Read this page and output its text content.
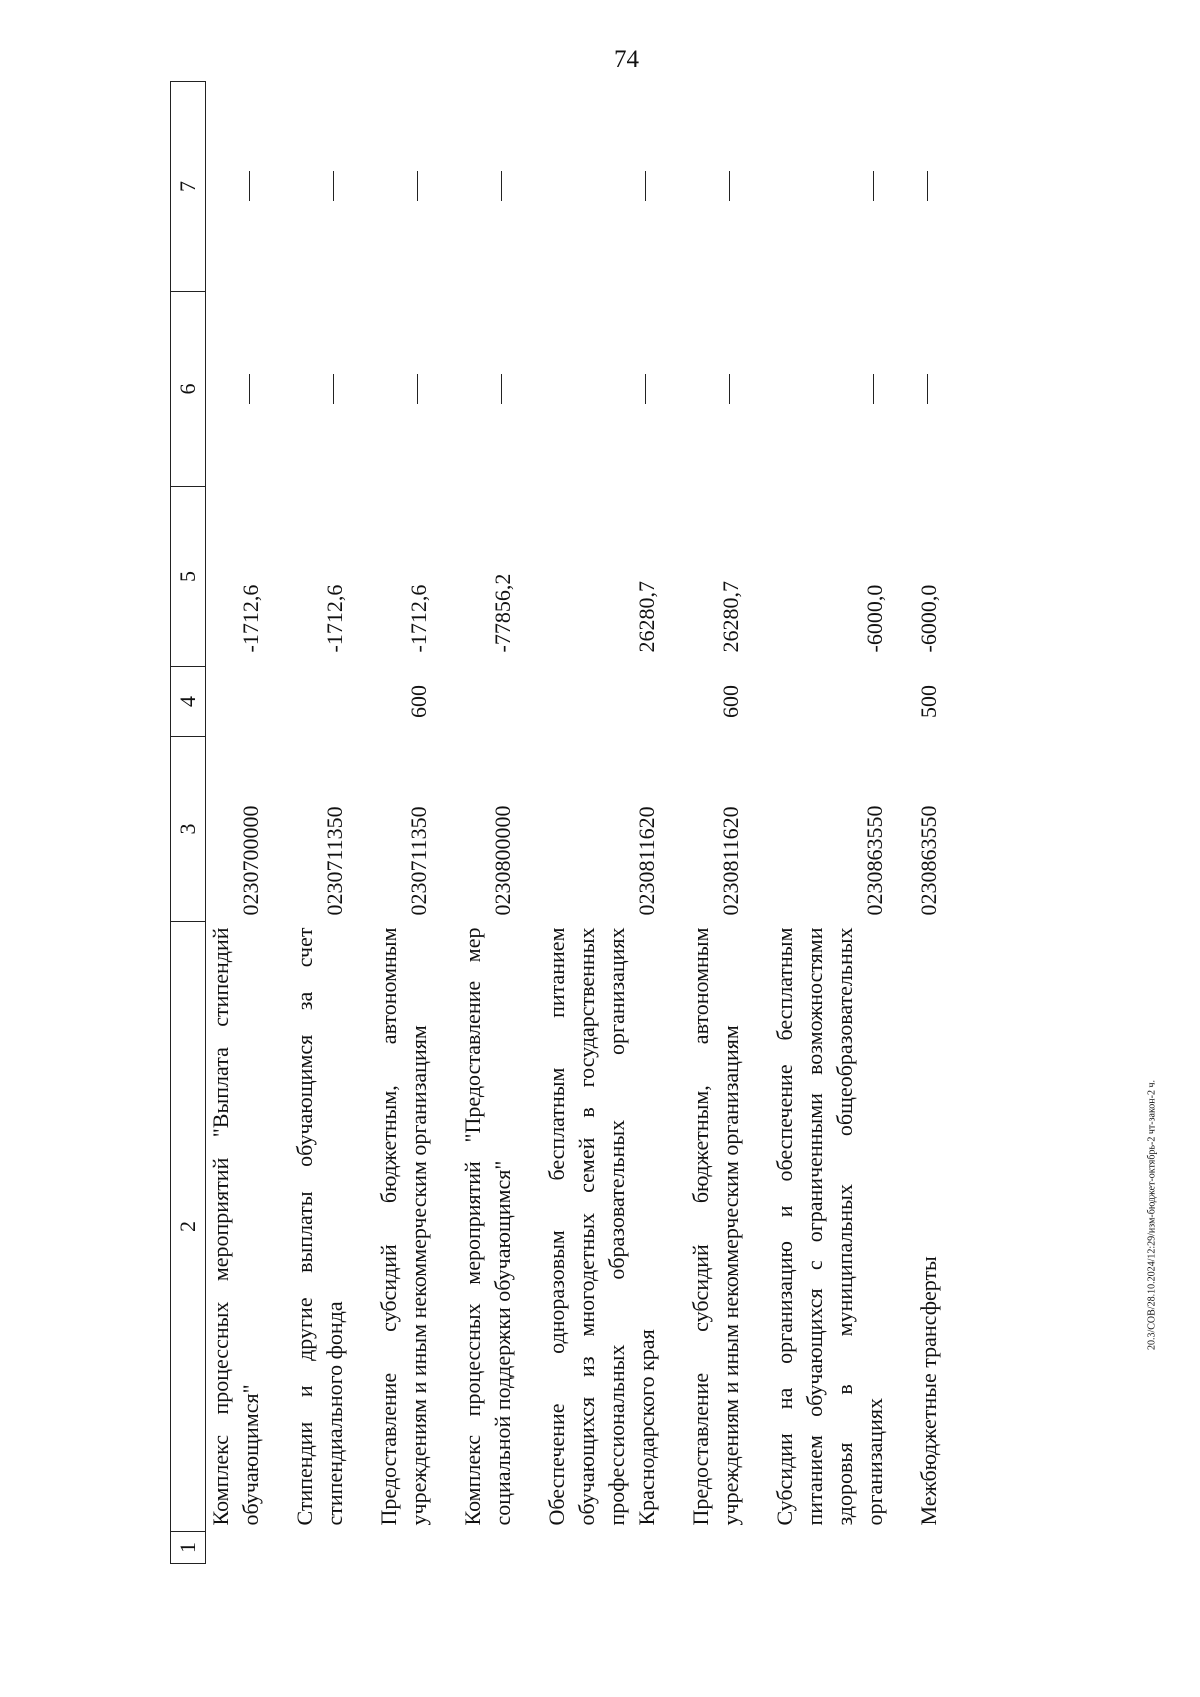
74
1	2	3	4	5	6	7
	Комплекс процессных мероприятий "Выплата стипендий обучающимся"	0230700000		-1712,6		
	Стипендии и другие выплаты обучающимся за счет стипендиального фонда	0230711350		-1712,6		
	Предоставление субсидий бюджетным, автономным учреждениям и иным некоммерческим организациям	0230711350	600	-1712,6		
	Комплекс процессных мероприятий "Предоставление мер социальной поддержки обучающимся"	0230800000		-77856,2		
	Обеспечение одноразовым бесплатным питанием обучающихся из многодетных семей в государственных профессиональных образовательных организациях Краснодарского края	0230811620		26280,7		
	Предоставление субсидий бюджетным, автономным учреждениям и иным некоммерческим организациям	0230811620	600	26280,7		
	Субсидии на организацию и обеспечение бесплатным питанием обучающихся с ограниченными возможностями здоровья в муниципальных общеобразовательных организациях	0230863550		-6000,0		
	Межбюджетные трансферты	0230863550	500	-6000,0		
20.3/СОВ/28.10.2024/12:29/изм-бюджет-октябрь-2 чт-закон-2 ч.
